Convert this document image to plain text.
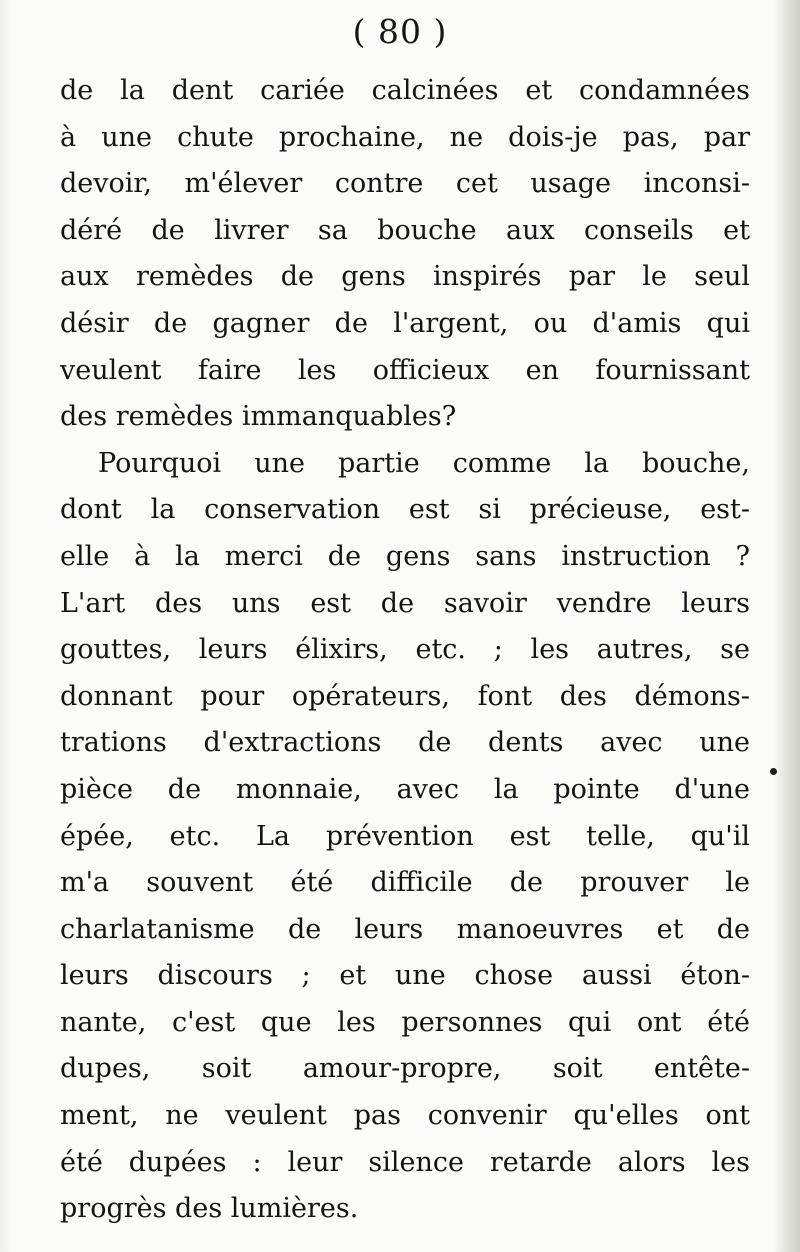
( 80 )
de la dent cariée calcinées et condamnées
à une chute prochaine, ne dois-je pas, par
devoir, m'élever contre cet usage inconsi-
déré de livrer sa bouche aux conseils et
aux remèdes de gens inspirés par le seul
désir de gagner de l'argent, ou d'amis qui
veulent faire les officieux en fournissant
des remèdes immanquables?
Pourquoi une partie comme la bouche,
dont la conservation est si précieuse, est-
elle à la merci de gens sans instruction ?
L'art des uns est de savoir vendre leurs
gouttes, leurs élixirs, etc. ; les autres, se
donnant pour opérateurs, font des démons-
trations d'extractions de dents avec une
pièce de monnaie, avec la pointe d'une
épée, etc. La prévention est telle, qu'il
m'a souvent été difficile de prouver le
charlatanisme de leurs manoeuvres et de
leurs discours ; et une chose aussi éton-
nante, c'est que les personnes qui ont été
dupes, soit amour-propre, soit entête-
ment, ne veulent pas convenir qu'elles ont
été dupées : leur silence retarde alors les
progrès des lumières.
